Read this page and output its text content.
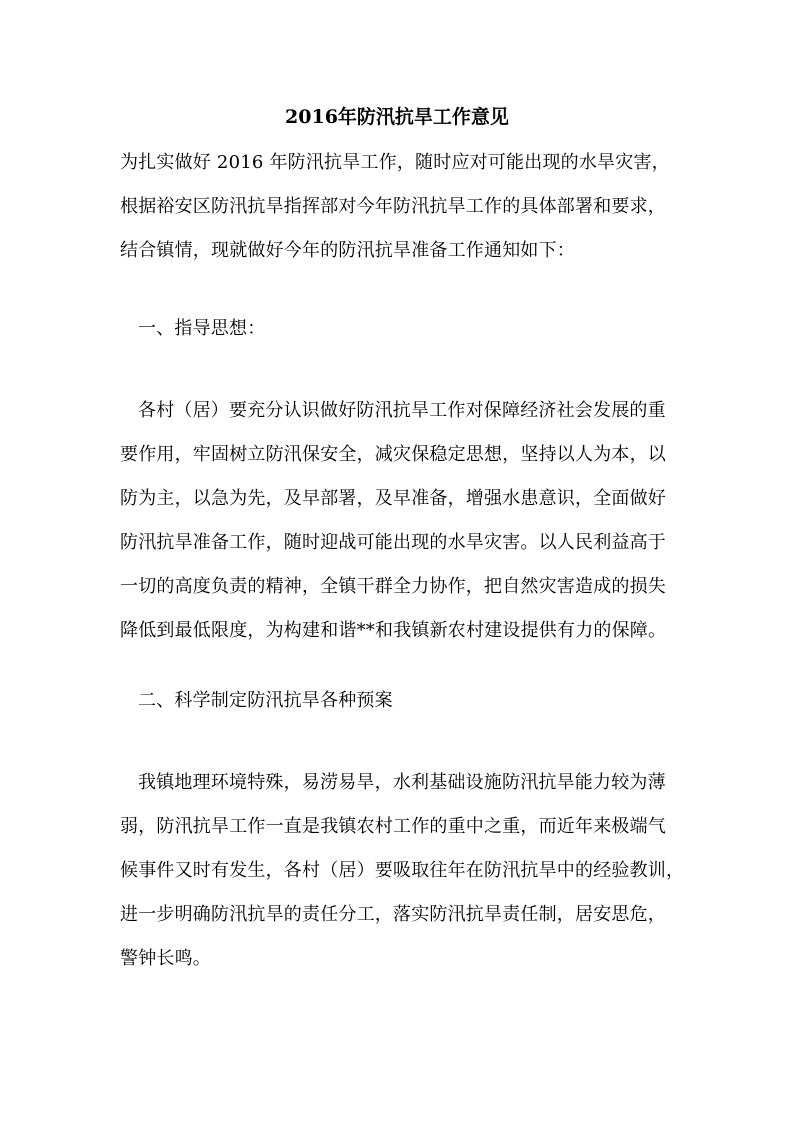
2016年防汛抗旱工作意见
为扎实做好 2016 年防汛抗旱工作，随时应对可能出现的水旱灾害，
根据裕安区防汛抗旱指挥部对今年防汛抗旱工作的具体部署和要求，
结合镇情，现就做好今年的防汛抗旱准备工作通知如下：
一、指导思想：
各村（居）要充分认识做好防汛抗旱工作对保障经济社会发展的重
要作用，牢固树立防汛保安全，减灾保稳定思想，坚持以人为本，以
防为主，以急为先，及早部署，及早准备，增强水患意识，全面做好
防汛抗旱准备工作，随时迎战可能出现的水旱灾害。以人民利益高于
一切的高度负责的精神，全镇干群全力协作，把自然灾害造成的损失
降低到最低限度，为构建和谐**和我镇新农村建设提供有力的保障。
二、科学制定防汛抗旱各种预案
我镇地理环境特殊，易涝易旱，水利基础设施防汛抗旱能力较为薄
弱，防汛抗旱工作一直是我镇农村工作的重中之重，而近年来极端气
候事件又时有发生，各村（居）要吸取往年在防汛抗旱中的经验教训，
进一步明确防汛抗旱的责任分工，落实防汛抗旱责任制，居安思危，
警钟长鸣。
